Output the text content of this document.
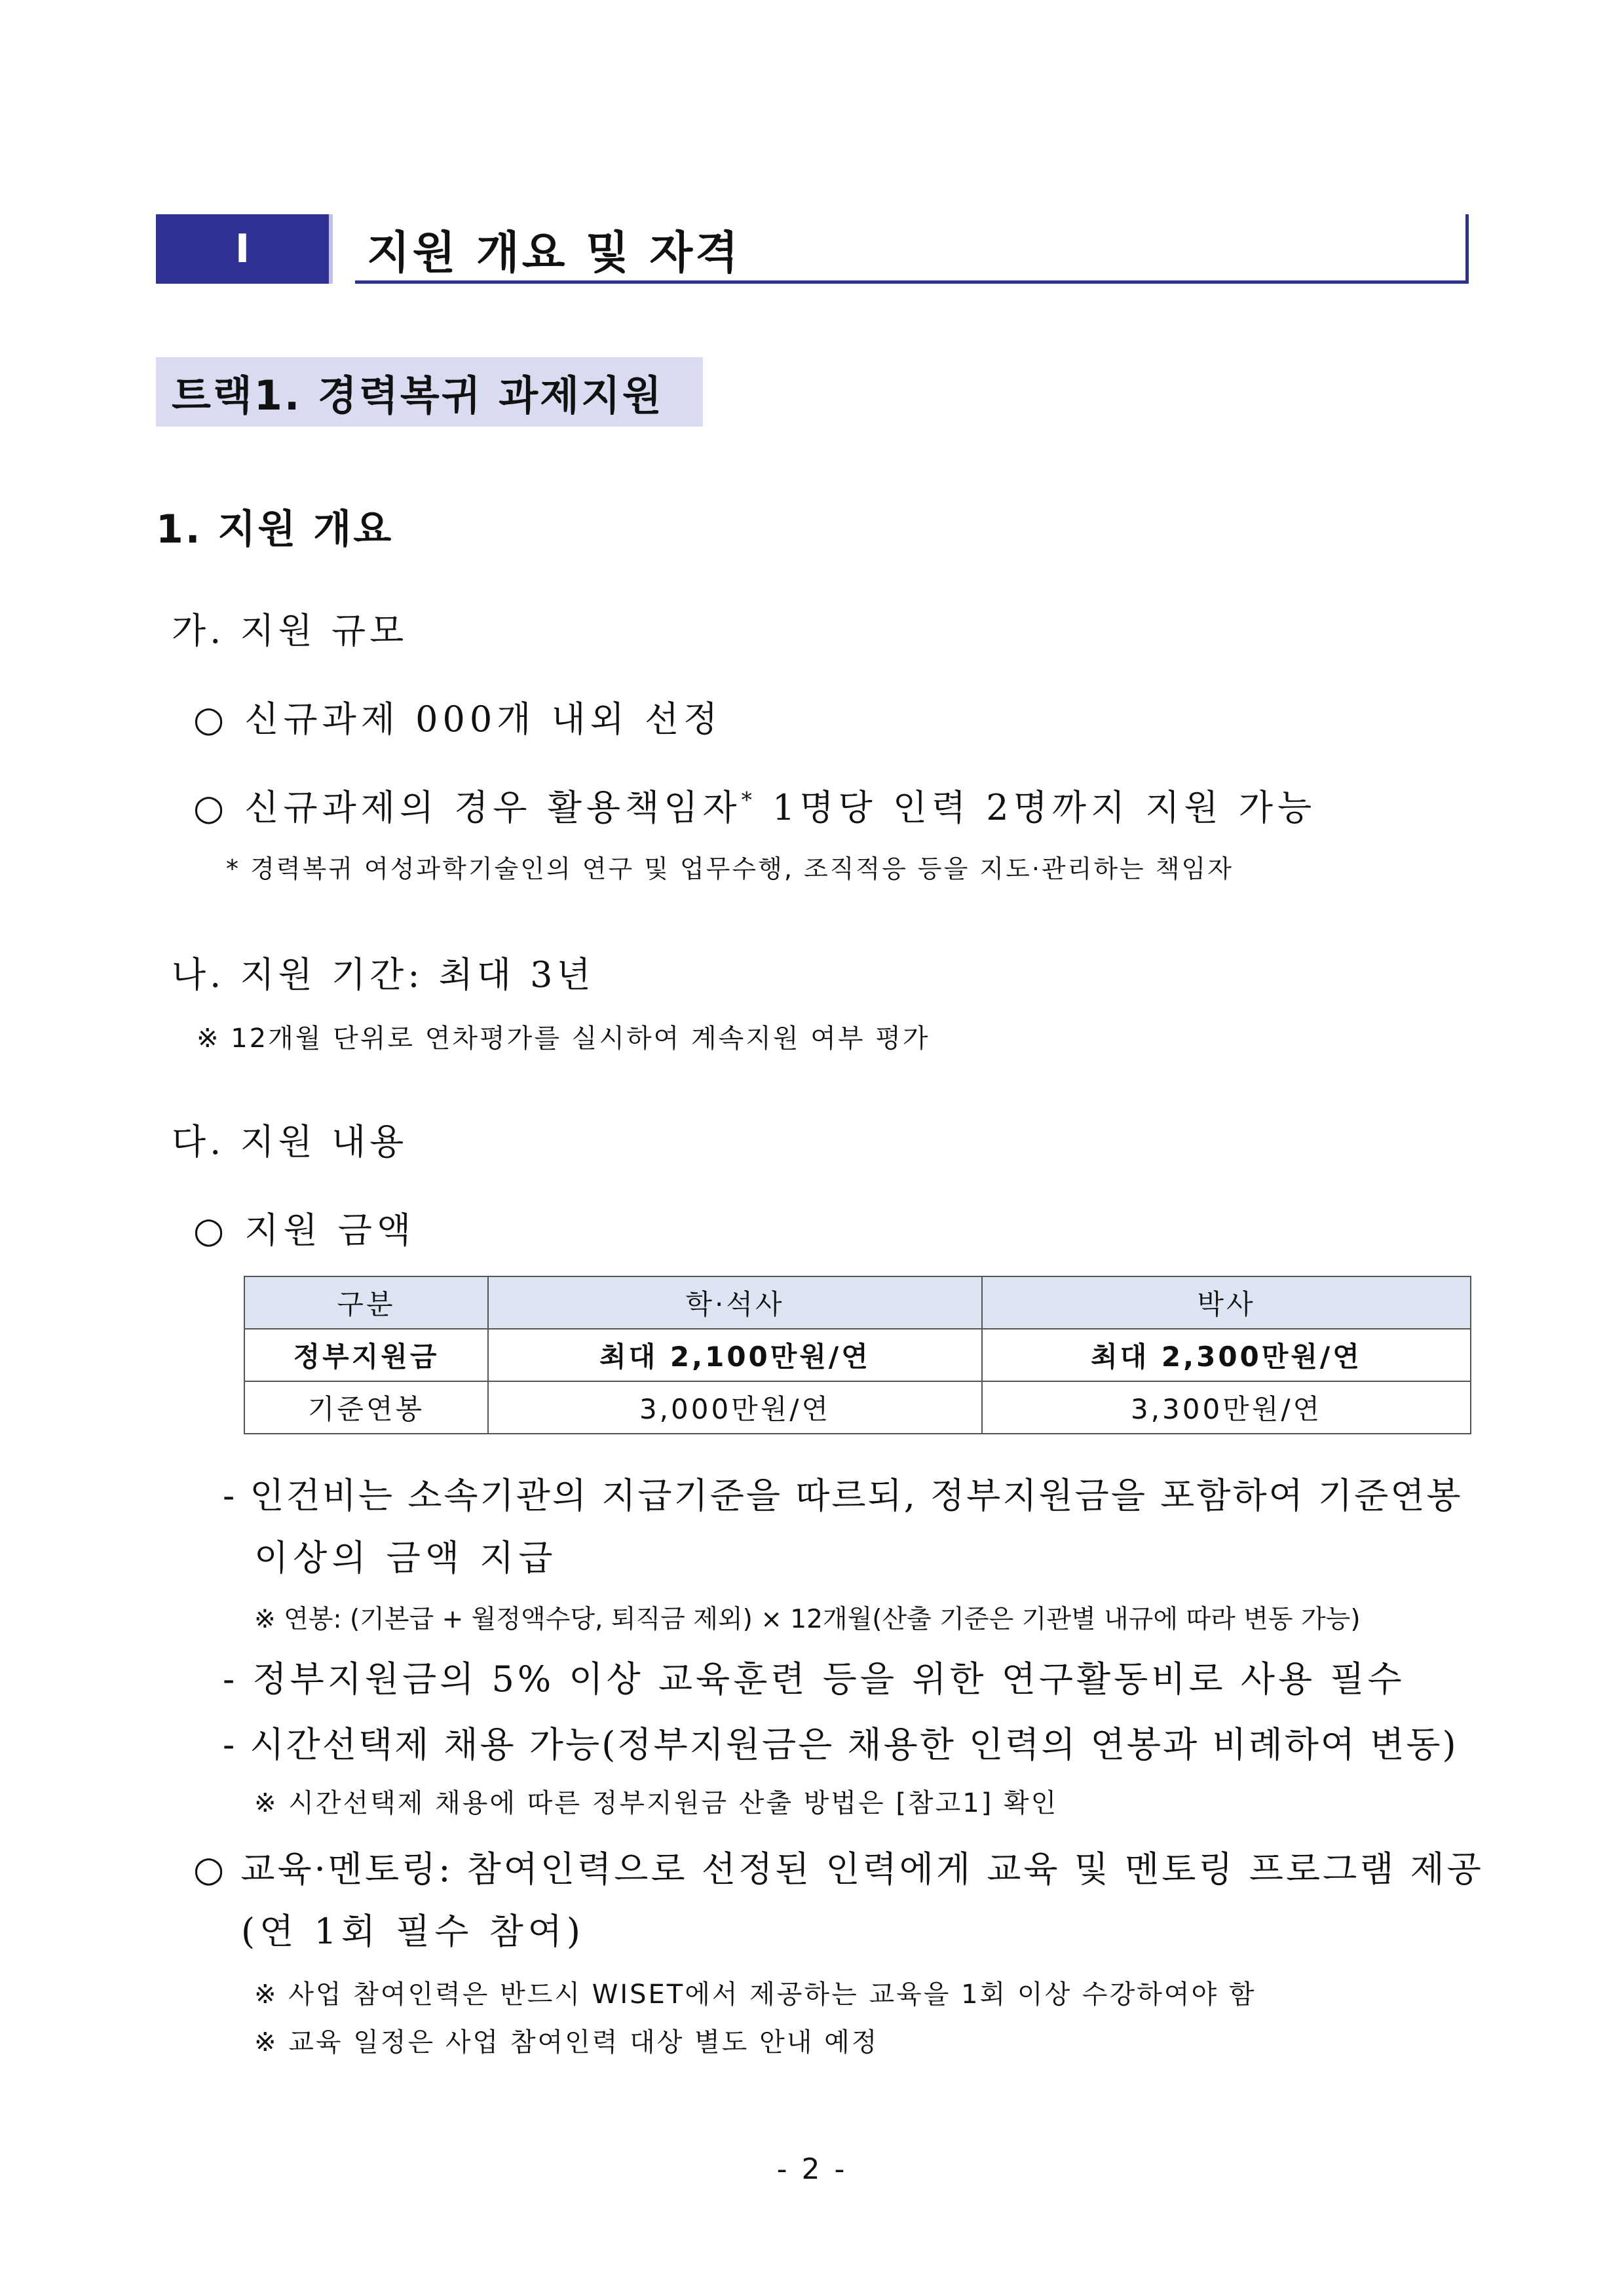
I	지원 개요 및 자격
트랙1. 경력복귀 과제지원
1. 지원 개요
가. 지원 규모
○ 신규과제 000개 내외 선정
○ 신규과제의 경우 활용책임자* 1명당 인력 2명까지 지원 가능
* 경력복귀 여성과학기술인의 연구 및 업무수행, 조직적응 등을 지도·관리하는 책임자
나. 지원 기간: 최대 3년
※ 12개월 단위로 연차평가를 실시하여 계속지원 여부 평가
다. 지원 내용
○ 지원 금액
구분	학·석사	박사
정부지원금	최대 2,100만원/연	최대 2,300만원/연
기준연봉	3,000만원/연	3,300만원/연
- 인건비는 소속기관의 지급기준을 따르되, 정부지원금을 포함하여 기준연봉
이상의 금액 지급
※ 연봉: (기본급 + 월정액수당, 퇴직금 제외) × 12개월(산출 기준은 기관별 내규에 따라 변동 가능)
- 정부지원금의 5% 이상 교육훈련 등을 위한 연구활동비로 사용 필수
- 시간선택제 채용 가능(정부지원금은 채용한 인력의 연봉과 비례하여 변동)
※ 시간선택제 채용에 따른 정부지원금 산출 방법은 [참고1] 확인
○ 교육·멘토링: 참여인력으로 선정된 인력에게 교육 및 멘토링 프로그램 제공
(연 1회 필수 참여)
※ 사업 참여인력은 반드시 WISET에서 제공하는 교육을 1회 이상 수강하여야 함
※ 교육 일정은 사업 참여인력 대상 별도 안내 예정
- 2 -
